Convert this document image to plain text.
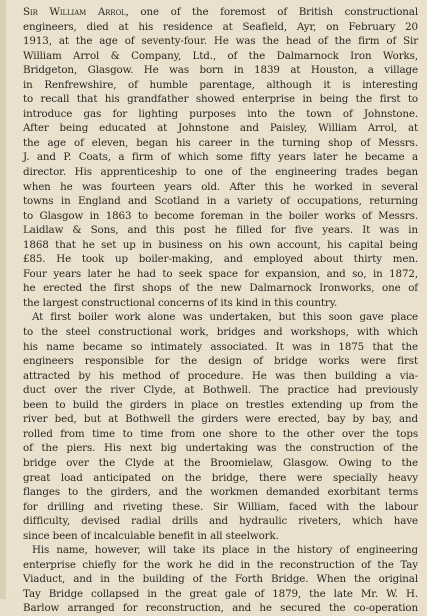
Sir William Arrol, one of the foremost of British constructional
engineers, died at his residence at Seafield, Ayr, on February 20
1913, at the age of seventy-four. He was the head of the firm of Sir
William Arrol & Company, Ltd., of the Dalmarnock Iron Works,
Bridgeton, Glasgow. He was born in 1839 at Houston, a village
in Renfrewshire, of humble parentage, although it is interesting
to recall that his grandfather showed enterprise in being the first to
introduce gas for lighting purposes into the town of Johnstone.
After being educated at Johnstone and Paisley, William Arrol, at
the age of eleven, began his career in the turning shop of Messrs.
J. and P. Coats, a firm of which some fifty years later he became a
director. His apprenticeship to one of the engineering trades began
when he was fourteen years old. After this he worked in several
towns in England and Scotland in a variety of occupations, returning
to Glasgow in 1863 to become foreman in the boiler works of Messrs.
Laidlaw & Sons, and this post he filled for five years. It was in
1868 that he set up in business on his own account, his capital being
£85. He took up boiler-making, and employed about thirty men.
Four years later he had to seek space for expansion, and so, in 1872,
he erected the first shops of the new Dalmarnock Ironworks, one of
the largest constructional concerns of its kind in this country.
At first boiler work alone was undertaken, but this soon gave place
to the steel constructional work, bridges and workshops, with which
his name became so intimately associated. It was in 1875 that the
engineers responsible for the design of bridge works were first
attracted by his method of procedure. He was then building a via-
duct over the river Clyde, at Bothwell. The practice had previously
been to build the girders in place on trestles extending up from the
river bed, but at Bothwell the girders were erected, bay by bay, and
rolled from time to time from one shore to the other over the tops
of the piers. His next big undertaking was the construction of the
bridge over the Clyde at the Broomielaw, Glasgow. Owing to the
great load anticipated on the bridge, there were specially heavy
flanges to the girders, and the workmen demanded exorbitant terms
for drilling and riveting these. Sir William, faced with the labour
difficulty, devised radial drills and hydraulic riveters, which have
since been of incalculable benefit in all steelwork.
His name, however, will take its place in the history of engineering
enterprise chiefly for the work he did in the reconstruction of the Tay
Viaduct, and in the building of the Forth Bridge. When the original
Tay Bridge collapsed in the great gale of 1879, the late Mr. W. H.
Barlow arranged for reconstruction, and he secured the co-operation
